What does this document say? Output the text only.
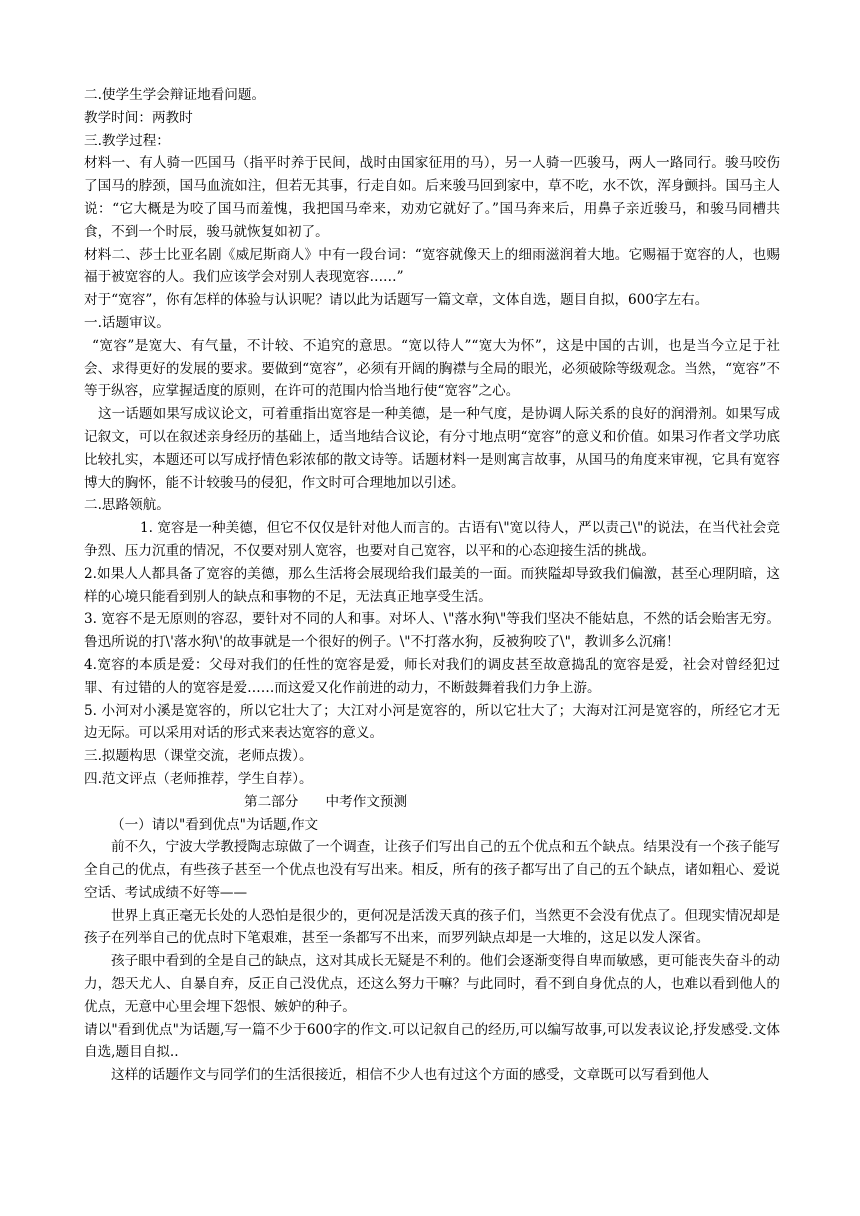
二.使学生学会辩证地看问题。

教学时间：两教时

三.教学过程：

材料一、有人骑一匹国马（指平时养于民间，战时由国家征用的马），另一人骑一匹骏马，两人一路同行。骏马咬伤了国马的脖颈，国马血流如注，但若无其事，行走自如。后来骏马回到家中，草不吃，水不饮，浑身颤抖。国马主人说：“它大概是为咬了国马而羞愧，我把国马牵来，劝劝它就好了。”国马奔来后，用鼻子亲近骏马，和骏马同槽共食，不到一个时辰，骏马就恢复如初了。

材料二、莎士比亚名剧《威尼斯商人》中有一段台词：“宽容就像天上的细雨滋润着大地。它赐福于宽容的人，也赐福于被宽容的人。我们应该学会对别人表现宽容……”

对于“宽容”，你有怎样的体验与认识呢？请以此为话题写一篇文章，文体自选，题目自拟，600字左右。

一.话题审议。

“宽容”是宽大、有气量，不计较、不追究的意思。“宽以待人”“宽大为怀”，这是中国的古训，也是当今立足于社会、求得更好的发展的要求。要做到“宽容”，必须有开阔的胸襟与全局的眼光，必须破除等级观念。当然，“宽容”不等于纵容，应掌握适度的原则，在许可的范围内恰当地行使“宽容”之心。

这一话题如果写成议论文，可着重指出宽容是一种美德，是一种气度，是协调人际关系的良好的润滑剂。如果写成记叙文，可以在叙述亲身经历的基础上，适当地结合议论，有分寸地点明“宽容”的意义和价值。如果习作者文学功底比较扎实，本题还可以写成抒情色彩浓郁的散文诗等。话题材料一是则寓言故事，从国马的角度来审视，它具有宽容博大的胸怀，能不计较骏马的侵犯，作文时可合理地加以引述。

二.思路领航。

1. 宽容是一种美德，但它不仅仅是针对他人而言的。古语有\"宽以待人，严以责己\"的说法，在当代社会竞争烈、压力沉重的情况，不仅要对别人宽容，也要对自己宽容，以平和的心态迎接生活的挑战。

2.如果人人都具备了宽容的美德，那么生活将会展现给我们最美的一面。而狭隘却导致我们偏激，甚至心理阴暗，这样的心境只能看到别人的缺点和事物的不足，无法真正地享受生活。

3. 宽容不是无原则的容忍，要针对不同的人和事。对坏人、\"落水狗\"等我们坚决不能姑息，不然的话会贻害无穷。鲁迅所说的打\'落水狗\'的故事就是一个很好的例子。\"不打落水狗，反被狗咬了\"，教训多么沉痛！

4.宽容的本质是爱：父母对我们的任性的宽容是爱，师长对我们的调皮甚至故意捣乱的宽容是爱，社会对曾经犯过罪、有过错的人的宽容是爱……而这爱又化作前进的动力，不断鼓舞着我们力争上游。

5. 小河对小溪是宽容的，所以它壮大了；大江对小河是宽容的，所以它壮大了；大海对江河是宽容的，所经它才无边无际。可以采用对话的形式来表达宽容的意义。

三.拟题构思（课堂交流，老师点拨）。

四.范文评点（老师推荐，学生自荐）。

第二部分　　中考作文预测

（一）请以"看到优点"为话题,作文

前不久，宁波大学教授陶志琼做了一个调查，让孩子们写出自己的五个优点和五个缺点。结果没有一个孩子能写全自己的优点，有些孩子甚至一个优点也没有写出来。相反，所有的孩子都写出了自己的五个缺点，诸如粗心、爱说空话、考试成绩不好等——

世界上真正毫无长处的人恐怕是很少的，更何况是活泼天真的孩子们，当然更不会没有优点了。但现实情况却是孩子在列举自己的优点时下笔艰难，甚至一条都写不出来，而罗列缺点却是一大堆的，这足以发人深省。

孩子眼中看到的全是自己的缺点，这对其成长无疑是不利的。他们会逐渐变得自卑而敏感，更可能丧失奋斗的动力，怨天尤人、自暴自弃，反正自己没优点，还这么努力干嘛？与此同时，看不到自身优点的人，也难以看到他人的优点，无意中心里会埋下怨恨、嫉妒的种子。

请以"看到优点"为话题,写一篇不少于600字的作文.可以记叙自己的经历,可以编写故事,可以发表议论,抒发感受.文体自选,题目自拟..

这样的话题作文与同学们的生活很接近，相信不少人也有过这个方面的感受，文章既可以写看到他人
